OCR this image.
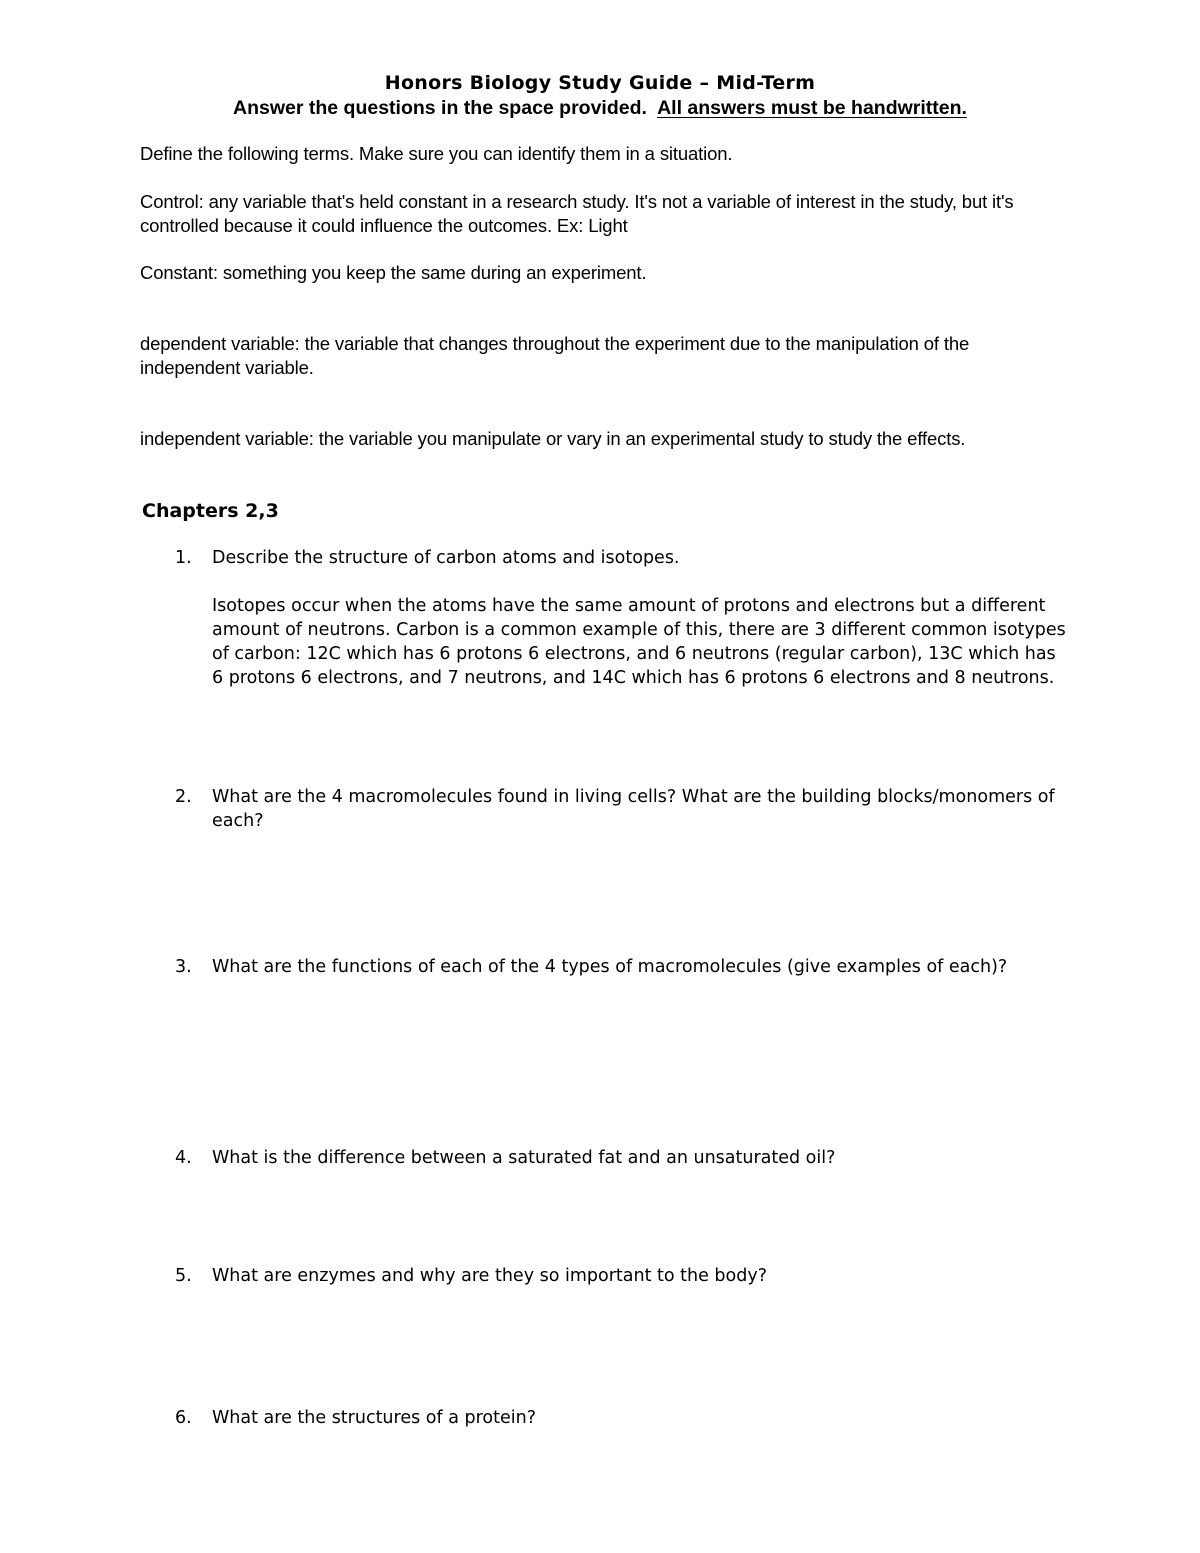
Honors Biology Study Guide – Mid-Term
Answer the questions in the space provided. All answers must be handwritten.

Define the following terms. Make sure you can identify them in a situation.

Control: any variable that's held constant in a research study. It's not a variable of interest in the study, but it's controlled because it could influence the outcomes. Ex: Light

Constant: something you keep the same during an experiment.

dependent variable: the variable that changes throughout the experiment due to the manipulation of the independent variable.

independent variable: the variable you manipulate or vary in an experimental study to study the effects.

Chapters 2,3
1. Describe the structure of carbon atoms and isotopes.

Isotopes occur when the atoms have the same amount of protons and electrons but a different amount of neutrons. Carbon is a common example of this, there are 3 different common isotypes of carbon: 12C which has 6 protons 6 electrons, and 6 neutrons (regular carbon), 13C which has 6 protons 6 electrons, and 7 neutrons, and 14C which has 6 protons 6 electrons and 8 neutrons.

2. What are the 4 macromolecules found in living cells? What are the building blocks/monomers of each?
3. What are the functions of each of the 4 types of macromolecules (give examples of each)?
4. What is the difference between a saturated fat and an unsaturated oil?
5. What are enzymes and why are they so important to the body?
6. What are the structures of a protein?
